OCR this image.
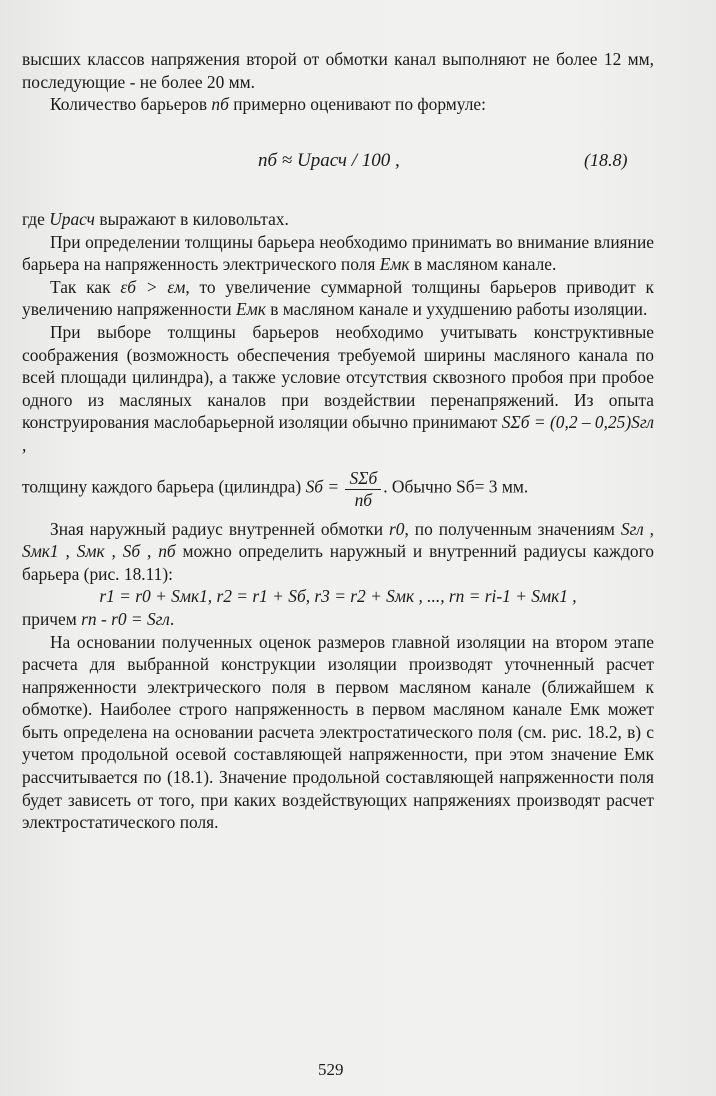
высших классов напряжения второй от обмотки канал выполняют не более 12 мм, последующие - не более 20 мм.

Количество барьеров nб примерно оценивают по формуле:

nб ≈ Uрасч / 100 ,	(18.8)

где Uрасч выражают в киловольтах.

При определении толщины барьера необходимо принимать во внимание влияние барьера на напряженность электрического поля Eмк в масляном канале.

Так как εб > εм, то увеличение суммарной толщины барьеров приводит к увеличению напряженности Eмк в масляном канале и ухудшению работы изоляции.

При выборе толщины барьеров необходимо учитывать конструктивные соображения (возможность обеспечения требуемой ширины масляного канала по всей площади цилиндра), а также условие отсутствия сквозного пробоя при пробое одного из масляных каналов при воздействии перенапряжений. Из опыта конструирования маслобарьерной изоляции обычно принимают SΣб = (0,2 – 0,25)Sгл ,

толщину каждого барьера (цилиндра) Sб = $\frac{\text{SΣб}}{nб}$ . Обычно Sб= 3 мм.

Зная наружный радиус внутренней обмотки r0, по полученным значениям Sгл , Sмк1 , Sмк , Sб , nб можно определить наружный и внутренний радиусы каждого барьера (рис. 18.11):

r1 = r0 + Sмк1, r2 = r1 + Sб, r3 = r2 + Sмк , ..., rn = ri-1 + Sмк1 ,

причем rn - r0 = Sгл.

На основании полученных оценок размеров главной изоляции на втором этапе расчета для выбранной конструкции изоляции производят уточненный расчет напряженности электрического поля в первом масляном канале (ближайшем к обмотке). Наиболее строго напряженность в первом масляном канале Eмк может быть определена на основании расчета электростатического поля (см. рис. 18.2, в) с учетом продольной осевой составляющей напряженности, при этом значение Eмк рассчитывается по (18.1). Значение продольной составляющей напряженности поля будет зависеть от того, при каких воздействующих напряжениях производят расчет электростатического поля.

529
